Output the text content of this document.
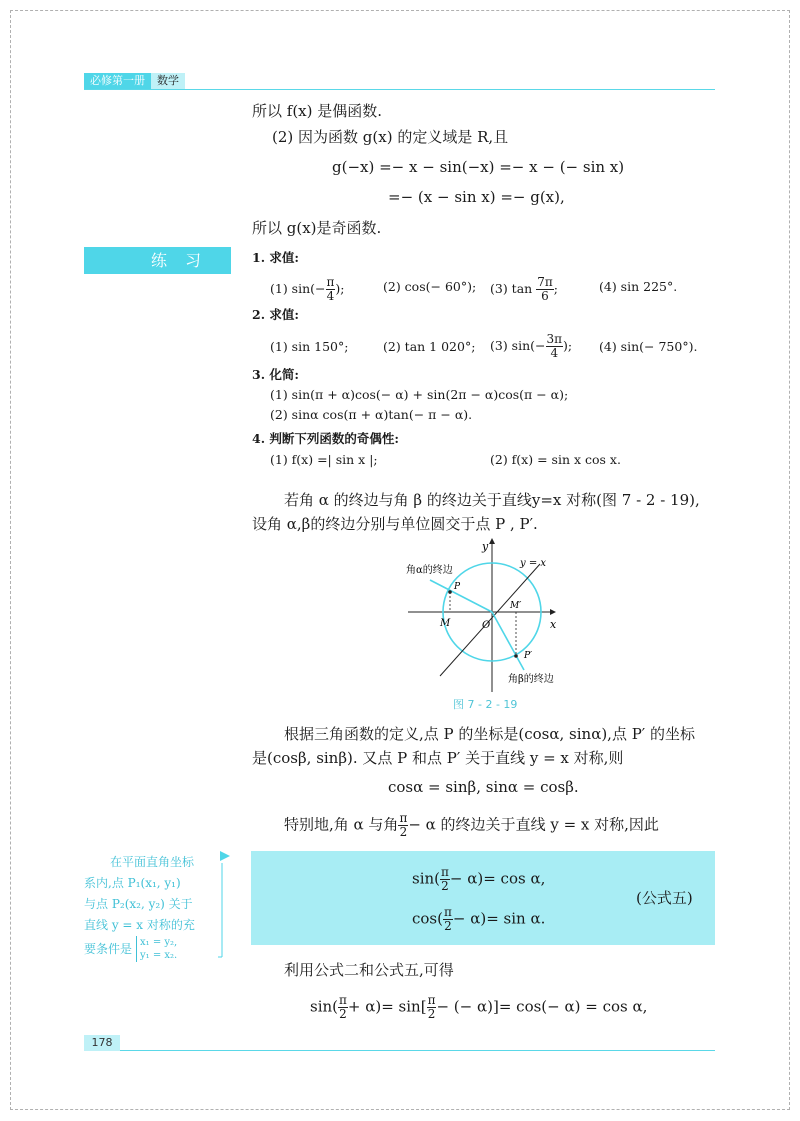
必修第一册	数学
所以 f(x) 是偶函数.
(2) 因为函数 g(x) 的定义域是 R,且
g(−x) =− x − sin(−x) =− x − (− sin x)
=− (x − sin x) =− g(x),
所以 g(x)是奇函数.
练习	1. 求值:
(1) $\sin(- \frac{\pi}{4}$ );	(2) cos(− 60°); (3) $\tan \frac{7\pi}{6}$ ;	(4) sin 225°.
2. 求值:
(1) sin 150°;	(2) tan 1 020°; (3) $\sin(- \frac{3\pi}{4}$ ); (4) sin(− 750°).
3. 化简:
(1) sin(π + α)cos(− α) + sin(2π − α)cos(π − α);
(2) sinα cos(π + α)tan(− π − α).
4. 判断下列函数的奇偶性:
(1) f(x) =| sin x |;	(2) f(x) = sin x cos x.
若角 α 的终边与角 β 的终边关于直线y=x 对称(图 7 - 2 - 19),
设角 α,β的终边分别与单位圆交于点 P , P′.
y
x
y = x
角α的终边
P
M
M′
O
P′
角β的终边
图 7 - 2 - 19
根据三角函数的定义,点 P 的坐标是(cosα, sinα),点 P′ 的坐标
是(cosβ, sinβ). 又点 P 和点 P′ 关于直线 y = x 对称,则
cosα = sinβ, sinα = cosβ.
特别地,角 α 与角 $\frac{\pi}{2} - \alpha$ 的终边关于直线 y = x 对称,因此
$\sin( \frac{\pi}{2} - \alpha)= \cos \alpha$,
$\cos( \frac{\pi}{2} - \alpha)= \sin \alpha$.
(公式五)
在平面直角坐标
系内,点 P₁(x₁, y₁)
与点 P₂(x₂, y₂) 关于
直线 y = x 对称的充
要条件是 x₁ = y₂,
y₁ = x₂.
利用公式二和公式五,可得
$\sin( \frac{\pi}{2} + \alpha)= \sin[ \frac{\pi}{2}$ − (− α)]= cos(− α) = cos α,
178
